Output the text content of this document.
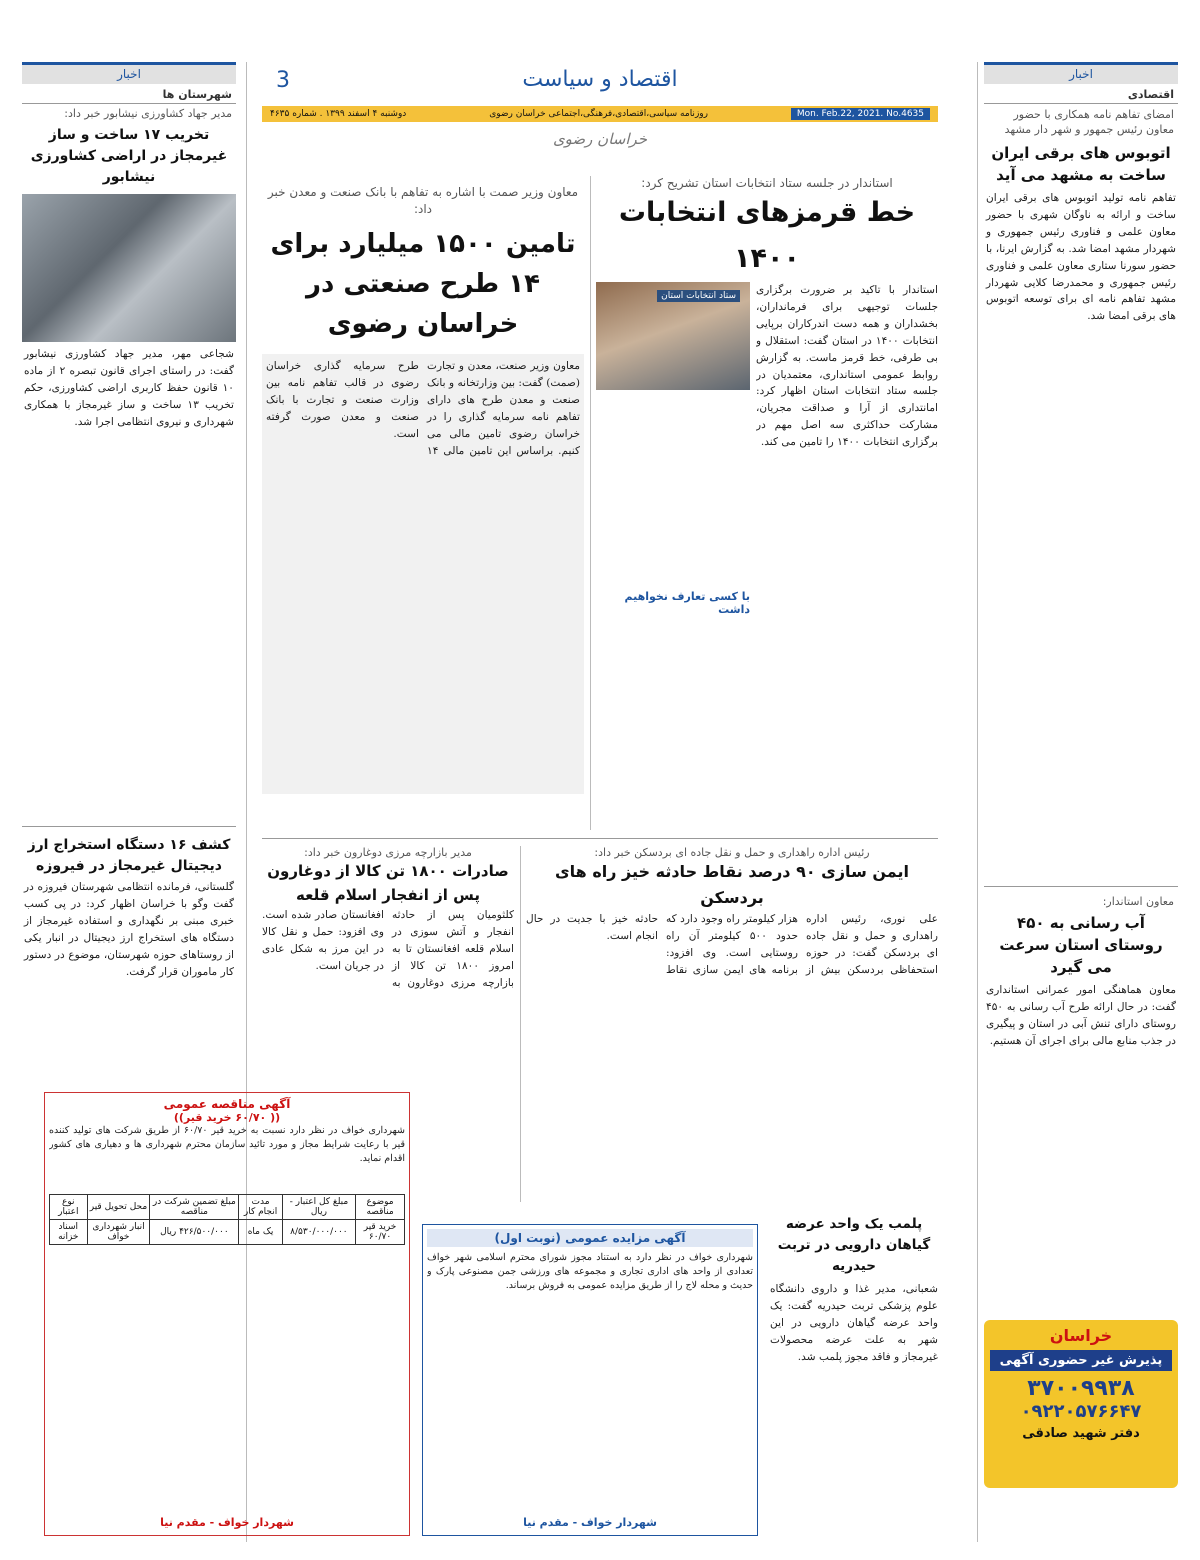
اخبار
اقتصادی
امضای تفاهم نامه همکاری با حضور معاون رئیس جمهور و شهر دار مشهد
اتوبوس های برقی ایران ساخت به مشهد می آید
تفاهم نامه تولید اتوبوس های برقی ایران ساخت و ارائه به ناوگان شهری با حضور معاون علمی و فناوری رئیس جمهوری و شهردار مشهد امضا شد. به گزارش ایرنا، با حضور سورنا ستاری معاون علمی و فناوری رئیس جمهوری و محمدرضا کلایی شهردار مشهد تفاهم نامه ای برای توسعه اتوبوس های برقی امضا شد.
معاون استاندار:
آب رسانی به ۴۵۰ روستای استان سرعت می گیرد
معاون هماهنگی امور عمرانی استانداری گفت: در حال ارائه طرح آب رسانی به ۴۵۰ روستای دارای تنش آبی در استان و پیگیری در جذب منابع مالی برای اجرای آن هستیم.
خراسان
پذیرش غیر حضوری آگهی
۳۷۰۰۹۹۳۸
۰۹۲۲۰۵۷۶۶۴۷
دفتر شهید صادقی
اخبار
شهرستان ها
مدیر جهاد کشاورزی نیشابور خبر داد:
تخریب ۱۷ ساخت و ساز غیرمجاز در اراضی کشاورزی نیشابور
شجاعی مهر، مدیر جهاد کشاورزی نیشابور گفت: در راستای اجرای قانون تبصره ۲ از ماده ۱۰ قانون حفظ کاربری اراضی کشاورزی، حکم تخریب ۱۳ ساخت و ساز غیرمجاز با همکاری شهرداری و نیروی انتظامی اجرا شد.
کشف ۱۶ دستگاه استخراج ارز دیجیتال غیرمجاز در فیروزه
گلستانی، فرمانده انتظامی شهرستان فیروزه در گفت وگو با خراسان اظهار کرد: در پی کسب خبری مبنی بر نگهداری و استفاده غیرمجاز از دستگاه های استخراج ارز دیجیتال در انبار یکی از روستاهای حوزه شهرستان، موضوع در دستور کار ماموران قرار گرفت.
اقتصاد و سیاست
3
Mon. Feb.22, 2021. No.4635
روزنامه سیاسی،اقتصادی،فرهنگی،اجتماعی خراسان رضوی
دوشنبه ۴ اسفند ۱۳۹۹ . شماره ۴۶۳۵
خراسان رضوی
استاندار در جلسه ستاد انتخابات استان تشریح کرد:
خط قرمزهای انتخابات ۱۴۰۰
استاندار با تاکید بر ضرورت برگزاری جلسات توجیهی برای فرمانداران، بخشداران و همه دست اندرکاران برپایی انتخابات ۱۴۰۰ در استان گفت: استقلال و بی طرفی، خط قرمز ماست. به گزارش روابط عمومی استانداری، معتمدیان در جلسه ستاد انتخابات استان اظهار کرد: امانتداری از آرا و صداقت مجریان، مشارکت حداکثری سه اصل مهم در برگزاری انتخابات ۱۴۰۰ را تامین می کند.
ستاد انتخابات استان
با کسی تعارف نخواهیم داشت
معاون وزیر صمت با اشاره به تفاهم با بانک صنعت و معدن خبر داد:
تامین ۱۵۰۰ میلیارد برای ۱۴ طرح صنعتی در خراسان رضوی
معاون وزیر صنعت، معدن و تجارت (صمت) گفت: بین وزارتخانه و بانک صنعت و معدن طرح های دارای تفاهم نامه سرمایه گذاری را در خراسان رضوی تامین مالی می کنیم. براساس این تامین مالی ۱۴ طرح سرمایه گذاری خراسان رضوی در قالب تفاهم نامه بین وزارت صنعت و تجارت با بانک صنعت و معدن صورت گرفته است.
رئیس اداره راهداری و حمل و نقل جاده ای بردسکن خبر داد:
ایمن سازی ۹۰ درصد نقاط حادثه خیز راه های بردسکن
علی نوری، رئیس اداره راهداری و حمل و نقل جاده ای بردسکن گفت: در حوزه استحفاظی بردسکن بیش از هزار کیلومتر راه وجود دارد که حدود ۵۰۰ کیلومتر آن راه روستایی است. وی افزود: برنامه های ایمن سازی نقاط حادثه خیز با جدیت در حال انجام است.
مدیر بازارچه مرزی دوغارون خبر داد:
صادرات ۱۸۰۰ تن کالا از دوغارون پس از انفجار اسلام قلعه
کلثومیان پس از حادثه انفجار و آتش سوزی در اسلام قلعه افغانستان تا به امروز ۱۸۰۰ تن کالا از بازارچه مرزی دوغارون به افغانستان صادر شده است. وی افزود: حمل و نقل کالا در این مرز به شکل عادی در جریان است.
آگهی مناقصه عمومی
(( ۶۰/۷۰ خرید قیر))
شهرداری خواف در نظر دارد نسبت به خرید قیر ۶۰/۷۰ از طریق شرکت های تولید کننده قیر با رعایت شرایط مجاز و مورد تائید سازمان محترم شهرداری ها و دهیاری های کشور اقدام نماید.
موضوع مناقصه	مبلغ کل اعتبار - ریال	مدت انجام کار	مبلغ تضمین شرکت در مناقصه	محل تحویل قیر	نوع اعتبار
خرید قیر ۶۰/۷۰	۸/۵۳۰/۰۰۰/۰۰۰	یک ماه	۴۲۶/۵۰۰/۰۰۰ ریال	انبار شهرداری خواف	اسناد خزانه
شهردار خواف - مقدم نیا
آگهی مزایده عمومی (نوبت اول)
شهرداری خواف در نظر دارد به استناد مجوز شورای محترم اسلامی شهر خواف تعدادی از واحد های اداری تجاری و مجموعه های ورزشی جمن مصنوعی پارک و حدیث و محله لاج را از طریق مزایده عمومی به فروش برساند.
شهردار خواف - مقدم نیا
پلمب یک واحد عرضه گیاهان دارویی در تربت حیدریه
شعبانی، مدیر غذا و داروی دانشگاه علوم پزشکی تربت حیدریه گفت: یک واحد عرضه گیاهان دارویی در این شهر به علت عرضه محصولات غیرمجاز و فاقد مجوز پلمب شد.
